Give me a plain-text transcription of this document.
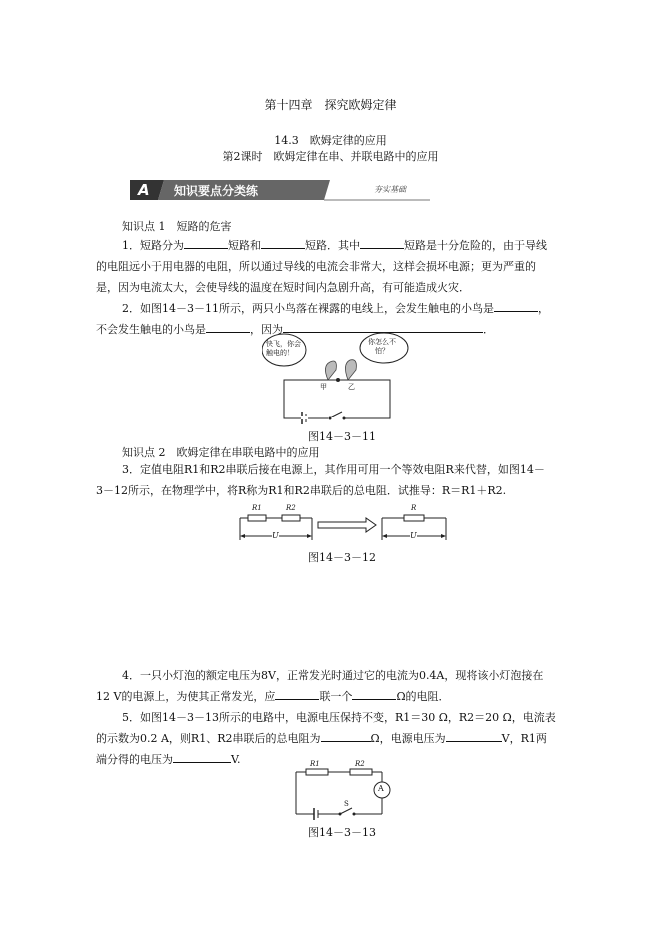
第十四章　探究欧姆定律
14.3　欧姆定律的应用
第2课时　欧姆定律在串、并联电路中的应用
A 知识要点分类练	夯实基础
知识点 1　短路的危害
1．短路分为	短路和	短路．其中	短路是十分危险的，由于导线
的电阻远小于用电器的电阻，所以通过导线的电流会非常大，这样会损坏电源；更为严重的
是，因为电流太大，会使导线的温度在短时间内急剧升高，有可能造成火灾．
2．如图14－3－11所示，两只小鸟落在裸露的电线上，会发生触电的小鸟是	，
不会发生触电的小鸟是	，因为	．
快飞，你会
触电的！
你怎么不
怕？
甲	乙
图14－3－11
知识点 2　欧姆定律在串联电路中的应用
3．定值电阻R1和R2串联后接在电源上，其作用可用一个等效电阻R来代替，如图14－
3－12所示，在物理学中，将R称为R1和R2串联后的总电阻．试推导：R＝R1＋R2.
R1	R2	R
U	U
图14－3－12
4．一只小灯泡的额定电压为8V，正常发光时通过它的电流为0.4A，现将该小灯泡接在
12 V的电源上，为使其正常发光，应	联一个	Ω的电阻．
5．如图14－3－13所示的电路中，电源电压保持不变，R1＝30 Ω，R2＝20 Ω，电流表
的示数为0.2 A，则R1、R2串联后的总电阻为	Ω，电源电压为	V，R1两
端分得的电压为	V.	R1	R2
A
S
图14－3－13
